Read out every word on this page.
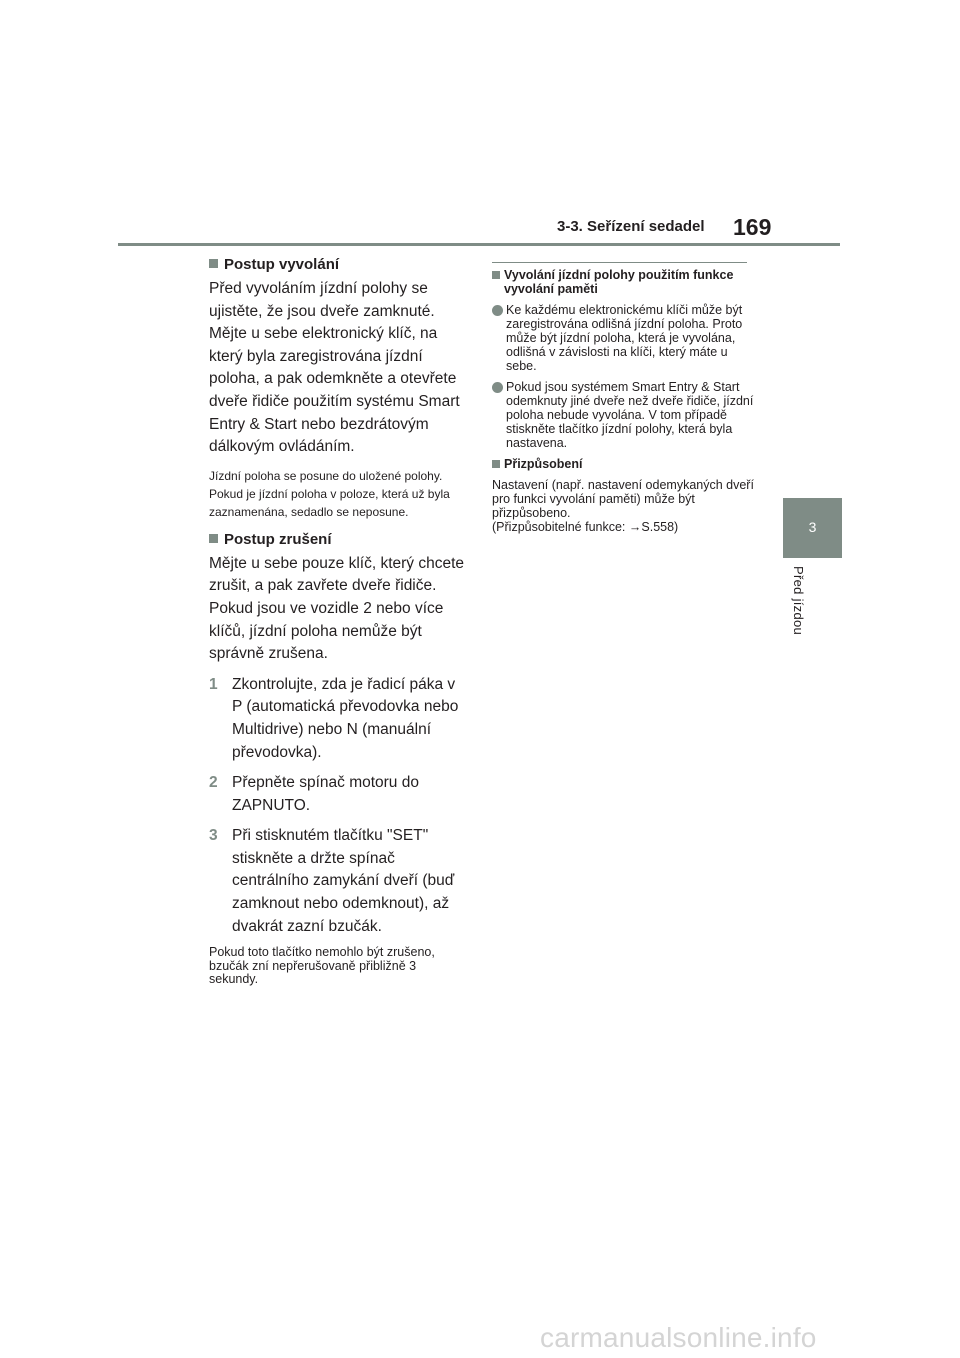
3-3. Seřízení sedadel 169
3
Před jízdou
Postup vyvolání

Před vyvoláním jízdní polohy se ujistěte, že jsou dveře zamknuté. Mějte u sebe elektronický klíč, na který byla zaregistrována jízdní poloha, a pak odemkněte a otevřete dveře řidiče použitím systému Smart Entry & Start nebo bezdrátovým dálkovým ovládáním.

Jízdní poloha se posune do uložené polohy.

Pokud je jízdní poloha v poloze, která už byla zaznamenána, sedadlo se neposune.

Postup zrušení

Mějte u sebe pouze klíč, který chcete zrušit, a pak zavřete dveře řidiče. Pokud jsou ve vozidle 2 nebo více klíčů, jízdní poloha nemůže být správně zrušena.

1 Zkontrolujte, zda je řadicí páka v P (automatická převodovka nebo Multidrive) nebo N (manuální převodovka).
2 Přepněte spínač motoru do ZAPNUTO.
3 Při stisknutém tlačítku "SET" stiskněte a držte spínač centrálního zamykání dveří (buď zamknout nebo odemknout), až dvakrát zazní bzučák.

Pokud toto tlačítko nemohlo být zrušeno, bzučák zní nepřerušovaně přibližně 3 sekundy.

Vyvolání jízdní polohy použitím funkce vyvolání paměti
Ke každému elektronickému klíči může být zaregistrována odlišná jízdní poloha. Proto může být jízdní poloha, která je vyvolána, odlišná v závislosti na klíči, který máte u sebe.
Pokud jsou systémem Smart Entry & Start odemknuty jiné dveře než dveře řidiče, jízdní poloha nebude vyvolána. V tom případě stiskněte tlačítko jízdní polohy, která byla nastavena.
Přizpůsobení

Nastavení (např. nastavení odemykaných dveří pro funkci vyvolání paměti) může být přizpůsobeno.

(Přizpůsobitelné funkce: →S.558)

carmanualsonline.info
